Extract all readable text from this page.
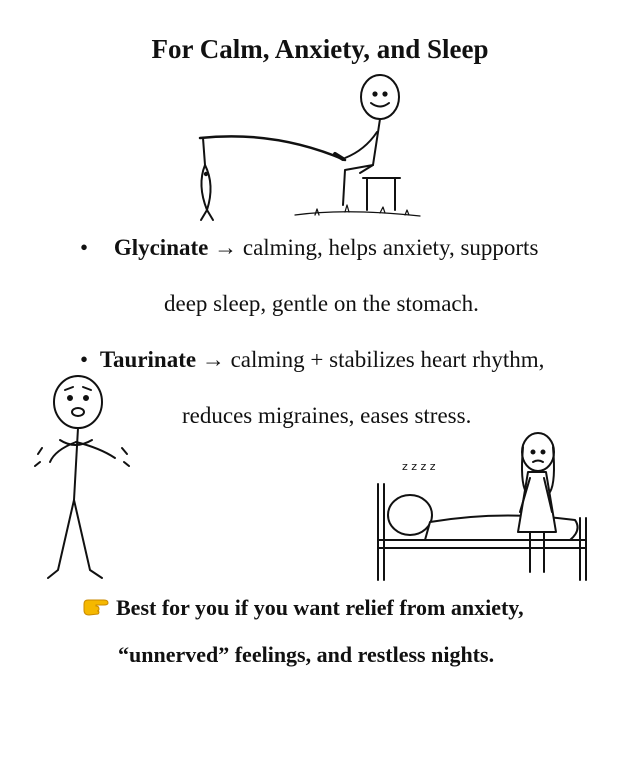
For Calm, Anxiety, and Sleep
• Glycinate → calming, helps anxiety, supports
deep sleep, gentle on the stomach.
• Taurinate → calming + stabilizes heart rhythm,
reduces migraines, eases stress.
z z z z
Best for you if you want relief from anxiety,
“unnerved” feelings, and restless nights.
